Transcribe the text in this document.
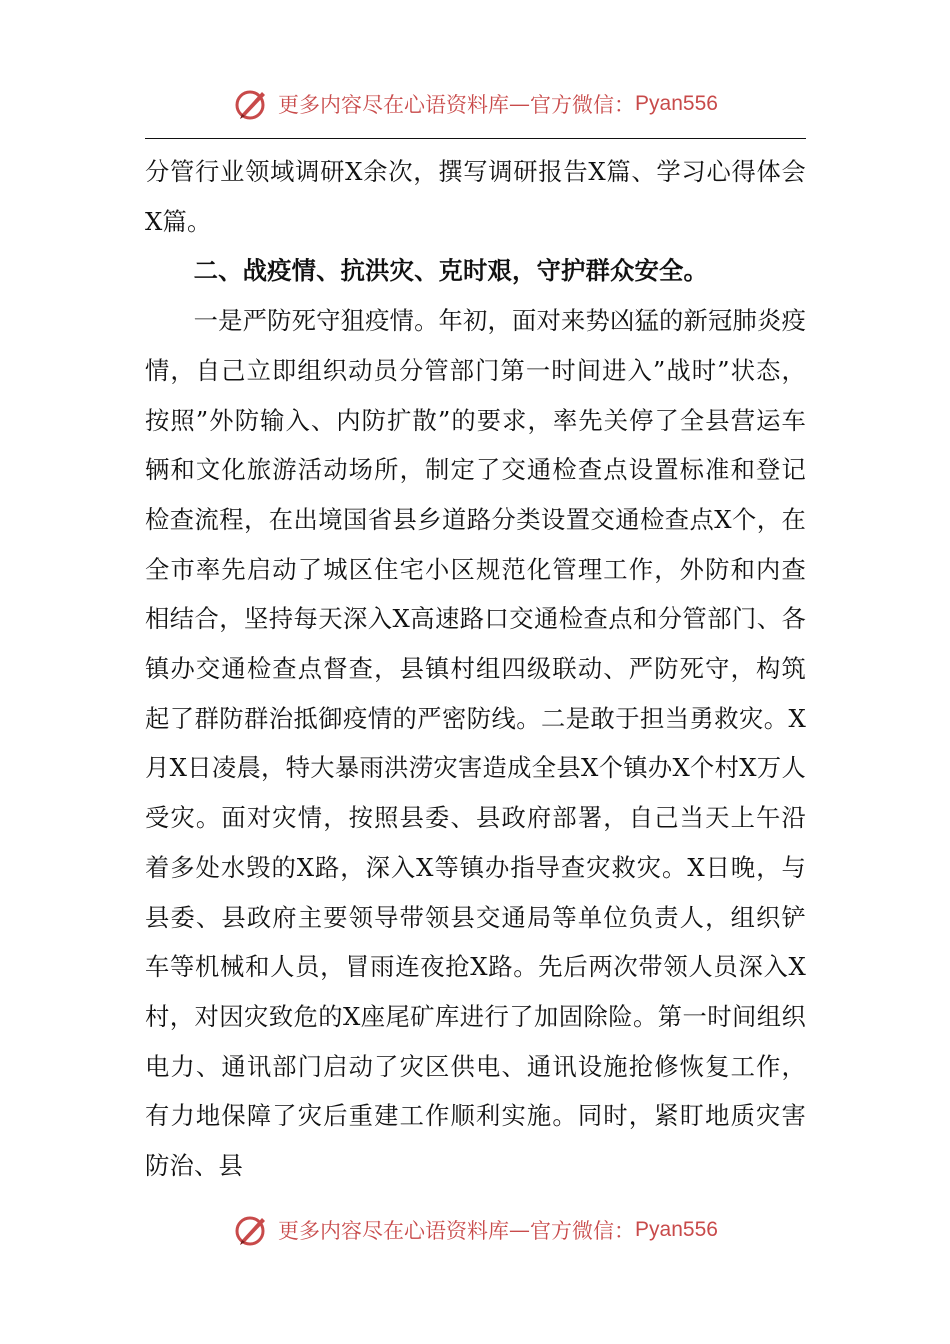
更多内容尽在心语资料库 — 官方微信： Pyan556

分管行业领域调研X余次，撰写调研报告X篇、学习心得体会X篇。

二、战疫情、抗洪灾、克时艰，守护群众安全。

一是严防死守狙疫情。年初，面对来势凶猛的新冠肺炎疫情，自己立即组织动员分管部门第一时间进入”战时”状态，按照”外防输入、内防扩散”的要求，率先关停了全县营运车辆和文化旅游活动场所，制定了交通检查点设置标准和登记检查流程，在出境国省县乡道路分类设置交通检查点X个，在全市率先启动了城区住宅小区规范化管理工作，外防和内查相结合，坚持每天深入X高速路口交通检查点和分管部门、各镇办交通检查点督查，县镇村组四级联动、严防死守，构筑起了群防群治抵御疫情的严密防线。二是敢于担当勇救灾。X月X日凌晨，特大暴雨洪涝灾害造成全县X个镇办X个村X万人受灾。面对灾情，按照县委、县政府部署，自己当天上午沿着多处水毁的X路，深入X等镇办指导查灾救灾。X日晚，与县委、县政府主要领导带领县交通局等单位负责人，组织铲车等机械和人员，冒雨连夜抢X路。先后两次带领人员深入X村，对因灾致危的X座尾矿库进行了加固除险。第一时间组织电力、通讯部门启动了灾区供电、通讯设施抢修恢复工作，有力地保障了灾后重建工作顺利实施。同时，紧盯地质灾害防治、县

更多内容尽在心语资料库 — 官方微信： Pyan556
